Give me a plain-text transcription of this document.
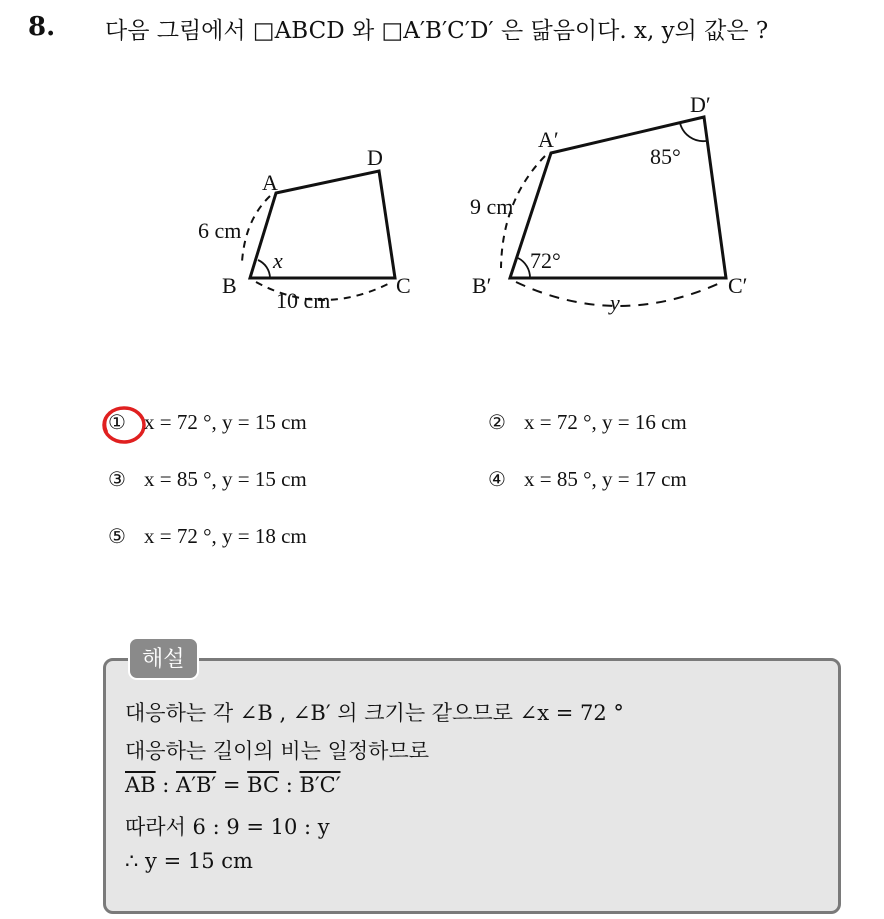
8. 다음 그림에서 □ABCD 와 □A′B′C′D′ 은 닮음이다. x, y의 값은 ?
A
B	C
D
6 cm
10 cm
x
A′
B′	C′
D′
9 cm
y
72°
85°
① x = 72 °, y = 15 cm	② x = 72 °, y = 16 cm
③ x = 85 °, y = 15 cm	④ x = 85 °, y = 17 cm
⑤ x = 72 °, y = 18 cm
해설
대응하는 각 ∠B , ∠B′ 의 크기는 같으므로 ∠x = 72 °
대응하는 길이의 비는 일정하므로
$\overline{AB}$ : $A'B' = \overline{BC}$ : B′C′
따라서 6 : 9 = 10 : y
∴ y = 15 cm
